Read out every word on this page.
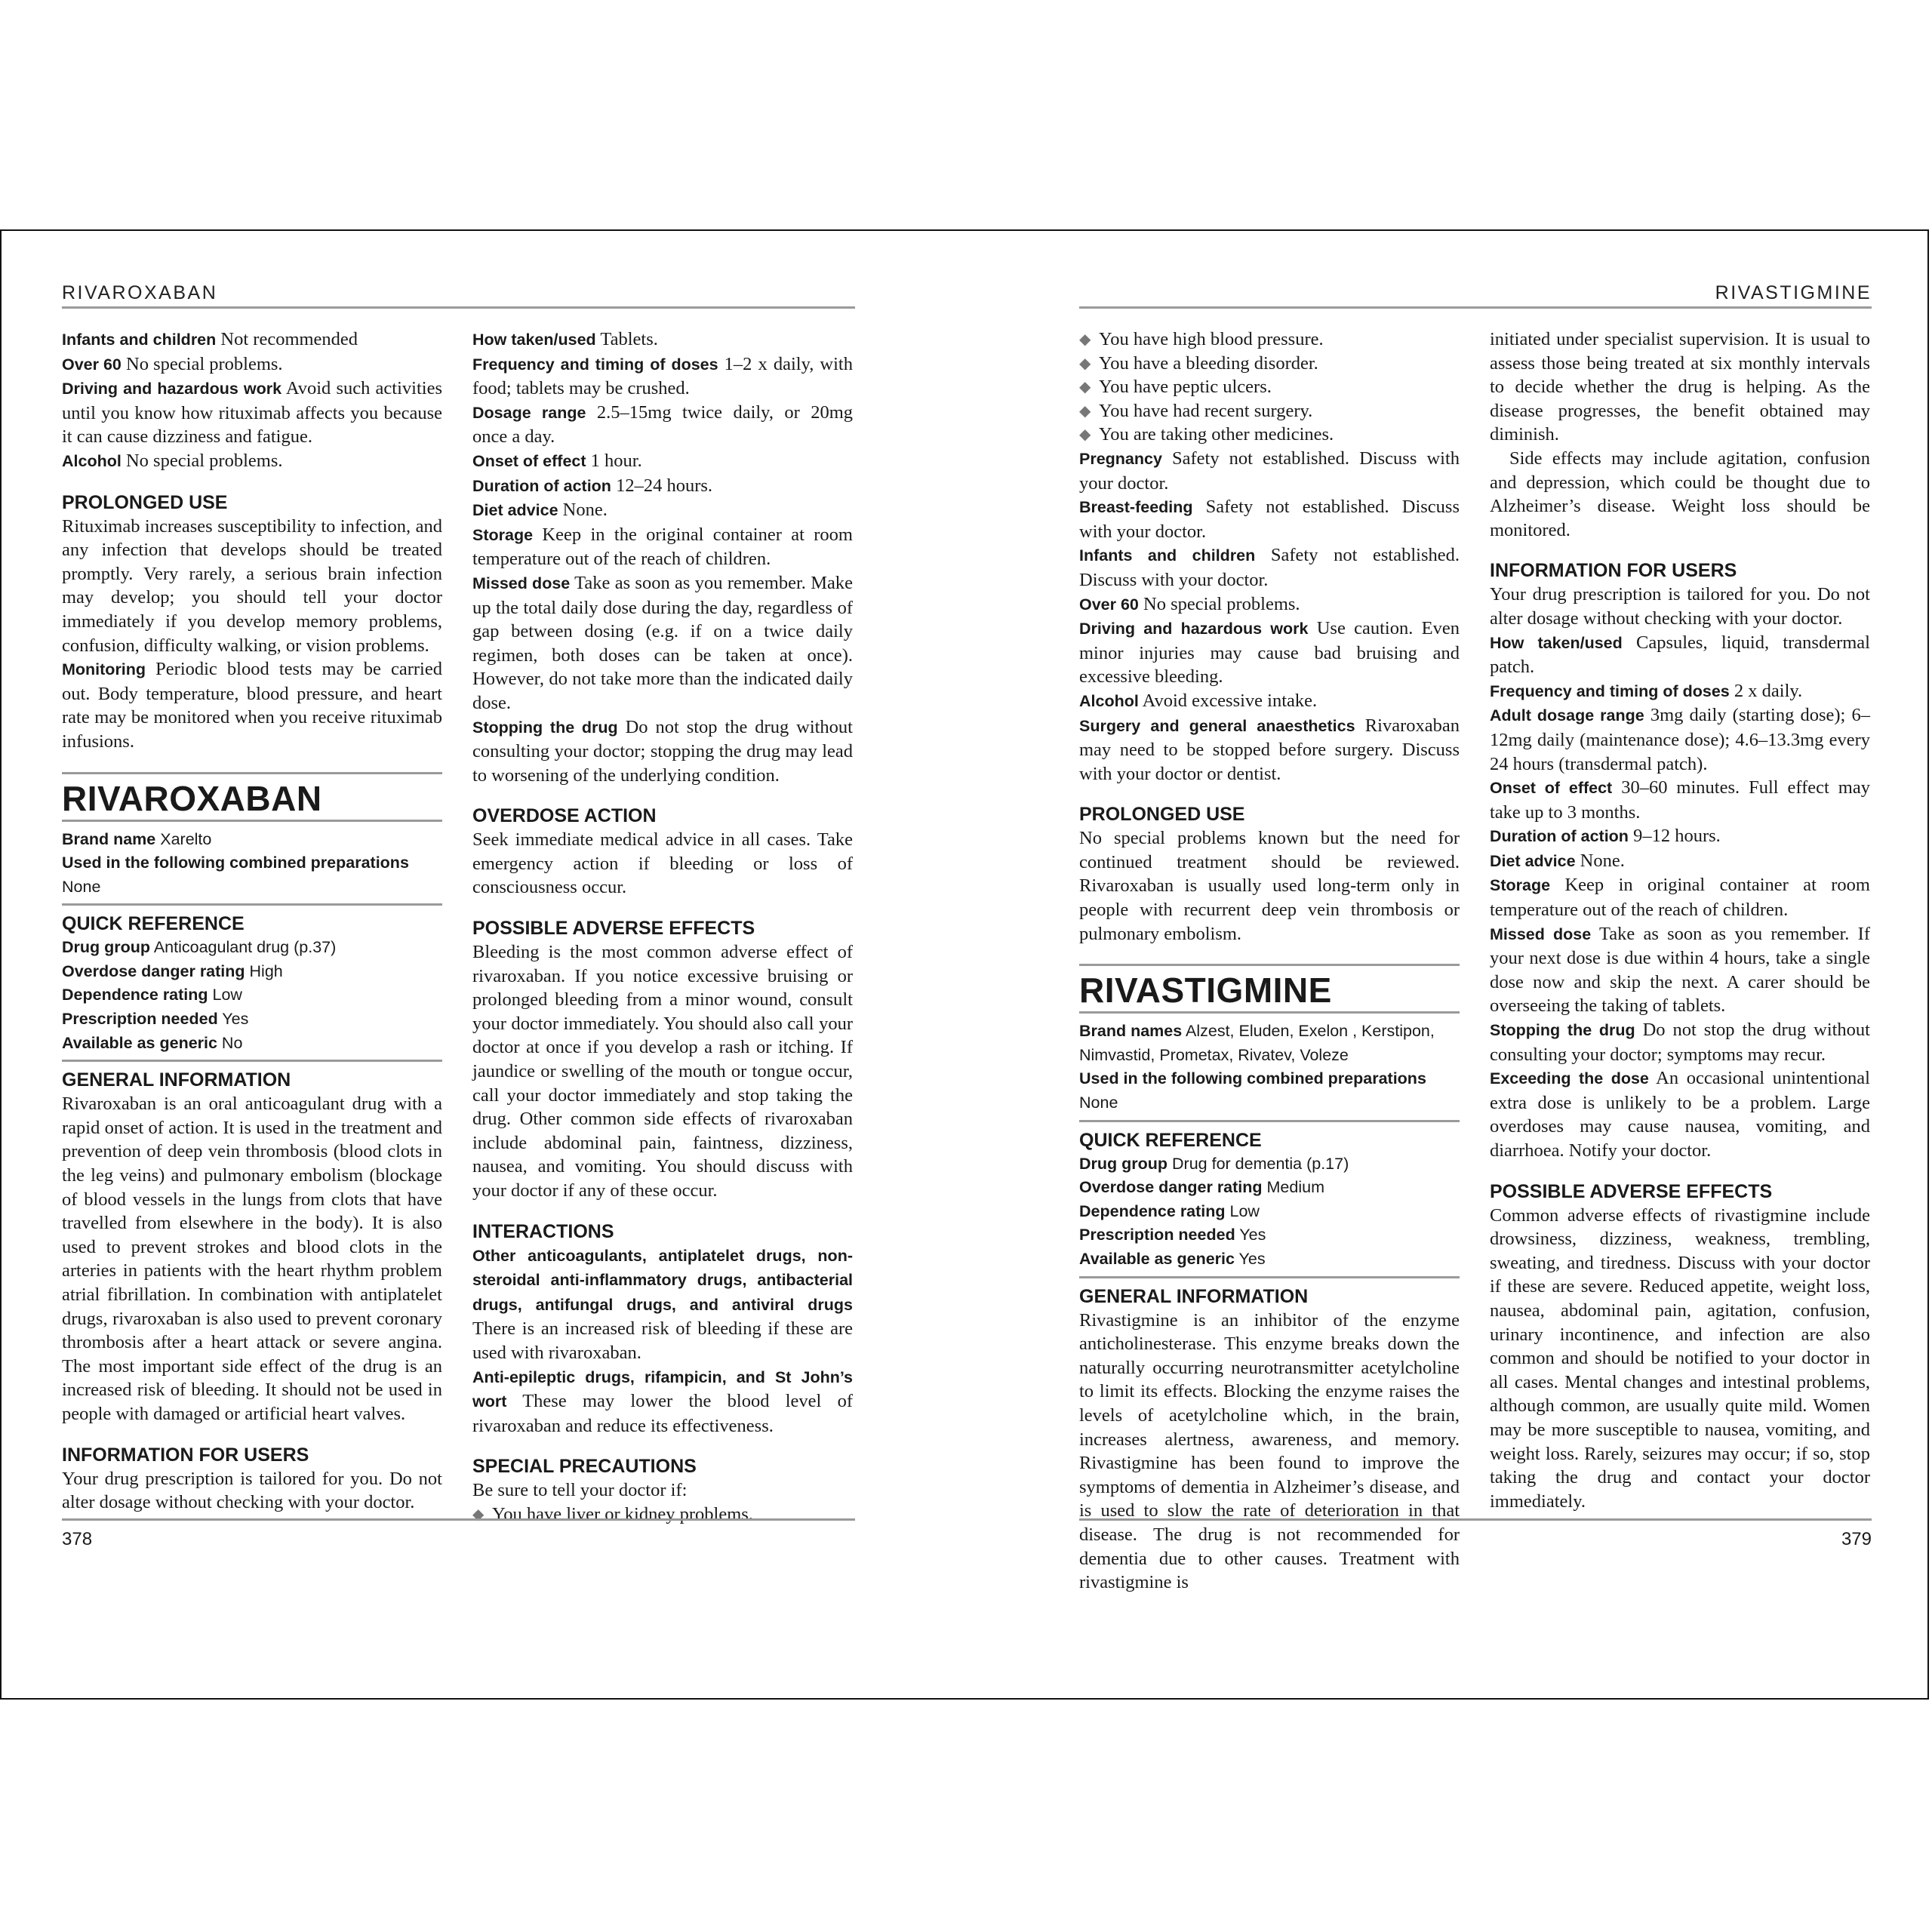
RIVAROXABAN

Infants and children Not recommended

Over 60 No special problems.

Driving and hazardous work Avoid such activities until you know how rituximab affects you because it can cause dizziness and fatigue.

Alcohol No special problems.

PROLONGED USE

Rituximab increases susceptibility to infection, and any infection that develops should be treated promptly. Very rarely, a serious brain infection may develop; you should tell your doctor immediately if you develop memory problems, confusion, difficulty walking, or vision problems.

Monitoring Periodic blood tests may be carried out. Body temperature, blood pressure, and heart rate may be monitored when you receive rituximab infusions.

RIVAROXABAN
Brand name Xarelto
Used in the following combined preparations None
QUICK REFERENCE
Drug group Anticoagulant drug (p.37)
Overdose danger rating High
Dependence rating Low
Prescription needed Yes
Available as generic No
GENERAL INFORMATION

Rivaroxaban is an oral anticoagulant drug with a rapid onset of action. It is used in the treatment and prevention of deep vein thrombosis (blood clots in the leg veins) and pulmonary embolism (blockage of blood vessels in the lungs from clots that have travelled from elsewhere in the body). It is also used to prevent strokes and blood clots in the arteries in patients with the heart rhythm problem atrial fibrillation. In combination with antiplatelet drugs, rivaroxaban is also used to prevent coronary thrombosis after a heart attack or severe angina. The most important side effect of the drug is an increased risk of bleeding. It should not be used in people with damaged or artificial heart valves.

INFORMATION FOR USERS

Your drug prescription is tailored for you. Do not alter dosage without checking with your doctor.

How taken/used Tablets.

Frequency and timing of doses 1–2 x daily, with food; tablets may be crushed.

Dosage range 2.5–15mg twice daily, or 20mg once a day.

Onset of effect 1 hour.

Duration of action 12–24 hours.

Diet advice None.

Storage Keep in the original container at room temperature out of the reach of children.

Missed dose Take as soon as you remember. Make up the total daily dose during the day, regardless of gap between dosing (e.g. if on a twice daily regimen, both doses can be taken at once). However, do not take more than the indicated daily dose.

Stopping the drug Do not stop the drug without consulting your doctor; stopping the drug may lead to worsening of the underlying condition.

OVERDOSE ACTION

Seek immediate medical advice in all cases. Take emergency action if bleeding or loss of consciousness occur.

POSSIBLE ADVERSE EFFECTS

Bleeding is the most common adverse effect of rivaroxaban. If you notice excessive bruising or prolonged bleeding from a minor wound, consult your doctor immediately. You should also call your doctor at once if you develop a rash or itching. If jaundice or swelling of the mouth or tongue occur, call your doctor immediately and stop taking the drug. Other common side effects of rivaroxaban include abdominal pain, faintness, dizziness, nausea, and vomiting. You should discuss with your doctor if any of these occur.

INTERACTIONS

Other anticoagulants, antiplatelet drugs, non-steroidal anti-inflammatory drugs, antibacterial drugs, antifungal drugs, and antiviral drugs There is an increased risk of bleeding if these are used with rivaroxaban.

Anti-epileptic drugs, rifampicin, and St John’s wort These may lower the blood level of rivaroxaban and reduce its effectiveness.

SPECIAL PRECAUTIONS

Be sure to tell your doctor if:

◆ You have liver or kidney problems.

378
RIVASTIGMINE

◆ You have high blood pressure.

◆ You have a bleeding disorder.

◆ You have peptic ulcers.

◆ You have had recent surgery.

◆ You are taking other medicines.

Pregnancy Safety not established. Discuss with your doctor.

Breast-feeding Safety not established. Discuss with your doctor.

Infants and children Safety not established. Discuss with your doctor.

Over 60 No special problems.

Driving and hazardous work Use caution. Even minor injuries may cause bad bruising and excessive bleeding.

Alcohol Avoid excessive intake.

Surgery and general anaesthetics Rivaroxaban may need to be stopped before surgery. Discuss with your doctor or dentist.

PROLONGED USE

No special problems known but the need for continued treatment should be reviewed. Rivaroxaban is usually used long-term only in people with recurrent deep vein thrombosis or pulmonary embolism.

RIVASTIGMINE
Brand names Alzest, Eluden, Exelon , Kerstipon, Nimvastid, Prometax, Rivatev, Voleze
Used in the following combined preparations None
QUICK REFERENCE
Drug group Drug for dementia (p.17)
Overdose danger rating Medium
Dependence rating Low
Prescription needed Yes
Available as generic Yes
GENERAL INFORMATION

Rivastigmine is an inhibitor of the enzyme anticholinesterase. This enzyme breaks down the naturally occurring neurotransmitter acetylcholine to limit its effects. Blocking the enzyme raises the levels of acetylcholine which, in the brain, increases alertness, awareness, and memory. Rivastigmine has been found to improve the symptoms of dementia in Alzheimer’s disease, and is used to slow the rate of deterioration in that disease. The drug is not recommended for dementia due to other causes. Treatment with rivastigmine is

initiated under specialist supervision. It is usual to assess those being treated at six monthly intervals to decide whether the drug is helping. As the disease progresses, the benefit obtained may diminish.

Side effects may include agitation, confusion and depression, which could be thought due to Alzheimer’s disease. Weight loss should be monitored.

INFORMATION FOR USERS

Your drug prescription is tailored for you. Do not alter dosage without checking with your doctor.

How taken/used Capsules, liquid, transdermal patch.

Frequency and timing of doses 2 x daily.

Adult dosage range 3mg daily (starting dose); 6–12mg daily (maintenance dose); 4.6–13.3mg every 24 hours (transdermal patch).

Onset of effect 30–60 minutes. Full effect may take up to 3 months.

Duration of action 9–12 hours.

Diet advice None.

Storage Keep in original container at room temperature out of the reach of children.

Missed dose Take as soon as you remember. If your next dose is due within 4 hours, take a single dose now and skip the next. A carer should be overseeing the taking of tablets.

Stopping the drug Do not stop the drug without consulting your doctor; symptoms may recur.

Exceeding the dose An occasional unintentional extra dose is unlikely to be a problem. Large overdoses may cause nausea, vomiting, and diarrhoea. Notify your doctor.

POSSIBLE ADVERSE EFFECTS

Common adverse effects of rivastigmine include drowsiness, dizziness, weakness, trembling, sweating, and tiredness. Discuss with your doctor if these are severe. Reduced appetite, weight loss, nausea, abdominal pain, agitation, confusion, urinary incontinence, and infection are also common and should be notified to your doctor in all cases. Mental changes and intestinal problems, although common, are usually quite mild. Women may be more susceptible to nausea, vomiting, and weight loss. Rarely, seizures may occur; if so, stop taking the drug and contact your doctor immediately.

379
